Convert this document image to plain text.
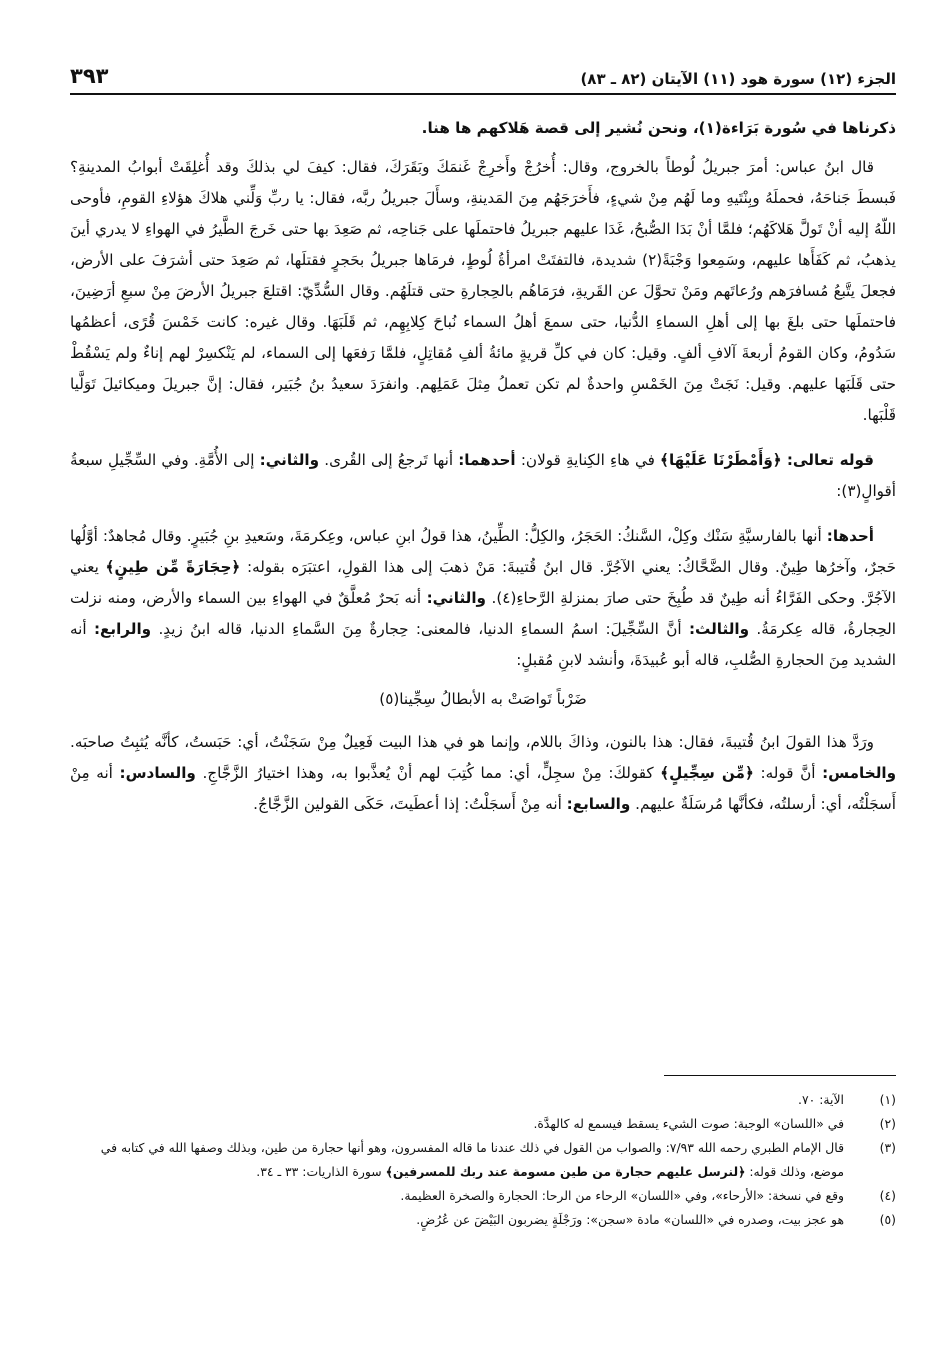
الجزء (١٢) سورة هود (١١) الآيتان (٨٢ ـ ٨٣)
٣٩٣

ذكرناها في سُورة بَرَاءة(١)، ونحن نُشير إلى قصة هَلاكهم ها هنا.

قال ابنُ عباس: أمرَ جبريلُ لُوطاً بالخروج، وقال: أُخرُجْ وأَخرِجْ غَنمَكَ وبَقَرَكَ، فقال: كيفَ لي بذلكَ وقد أُغلِقَتْ أبوابُ المدينةِ؟ فَبسطَ جَناحَهُ، فحملَهُ وبِنْتَيهِ وما لَهُم مِنْ شيءٍ، فأَخرَجَهُم مِنَ المَدينةِ، وسأَلَ جبريلُ ربَّه، فقال: يا ربِّ وَلِّني هلاكَ هؤلاءِ القومِ، فأوحى اللّهُ إليه أنْ تَولَّ هَلاكَهُم؛ فلمَّا أنْ بَدَا الصُّبحُ، غَدَا عليهم جبريلُ فاحتملَها على جَناحِه، ثم صَعِدَ بها حتى خَرجَ الطَّيرُ في الهواءِ لا يدري أينَ يذهبُ، ثم كَفَأَها عليهم، وسَمِعوا وَجْبَةً(٢) شديدة، فالتفتَتْ امرأةُ لُوطٍ، فرمَاها جبريلُ بحَجرٍ فقتلَها، ثم صَعِدَ حتى أشرَفَ على الأرض، فجعلَ يتَّبعُ مُسافرَهم ورُعاتَهم ومَنْ تحوَّلَ عن القَريةِ، فرَمَاهُم بالحِجارةِ حتى قتلَهُم. وقال السُّدِّيّ: اقتلعَ جبريلُ الأرضَ مِنْ سبعِ أرَضِينَ، فاحتملَها حتى بلغَ بها إلى أهلِ السماءِ الدُّنيا، حتى سمعَ أهلُ السماء نُباحَ كِلابِهِم، ثم قَلَبَهَا. وقال غيره: كانت خَمْسَ قُرًى، أعظمُها سَدُومُ، وكان القومُ أربعةَ آلافِ ألفٍ. وقيل: كان في كلِّ قريةٍ مائةُ ألفِ مُقاتِلٍ، فلمَّا رَفعَها إلى السماء، لم يَنْكسِرْ لهم إناءٌ ولم يَسْقُطْ حتى قَلَبَها عليهم. وقيل: نَجَتْ مِنَ الخَمْسِ واحدةٌ لم تكن تعملُ مِثلَ عَمَلِهم. وانفرَدَ سعيدُ بنُ جُبَير، فقال: إنَّ جبريلَ وميكائيلَ تَوَلَّيا قَلْبَها.

قوله تعالى: ﴿وَأَمْطَرْنَا عَلَيْهَا﴾ في هاءِ الكِنايةِ قولان: أحدهما: أنها تَرجعُ إلى القُرى. والثاني: إلى الأُمَّةِ. وفي السِّجِّيلِ سبعةُ أقوالٍ(٣):

أحدها: أنها بالفارسيَّةِ سَنْك وكِلْ، السَّنكُ: الحَجَرُ، والكِلُّ: الطِّينُ، هذا قولُ ابنِ عباس، وعِكرمَةَ، وسَعيدِ بنِ جُبَيرٍ. وقال مُجاهدٌ: أوَّلُها حَجرٌ، وآخرُها طِينٌ. وقال الضَّحَّاكُ: يعني الآجُرَّ. قال ابنُ قُتيبةَ: مَنْ ذهبَ إلى هذا القولِ، اعتبَرَه بقوله: ﴿حِجَارَةً مِّن طِينٍ﴾ يعني الآجُرَّ. وحكى الفَرَّاءُ أنه طِينٌ قد طُبِخَ حتى صارَ بمنزلةِ الرَّحاءِ(٤). والثاني: أنه بَحرٌ مُعلَّقٌ في الهواءِ بين السماء والأرض، ومنه نزلت الحِجارةُ، قاله عِكرمَةُ. والثالث: أنَّ السِّجِّيلَ: اسمُ السماءِ الدنيا، فالمعنى: حِجارةٌ مِنَ السَّماءِ الدنيا، قاله ابنُ زيدٍ. والرابع: أنه الشديد مِنَ الحجارةِ الصُّلبِ، قاله أبو عُبيدَةَ، وأنشد لابنِ مُقبلٍ:

ضَرْباً تَواصَتْ به الأبطالُ سِجِّينا(٥)

ورَدَّ هذا القولَ ابنُ قُتيبةَ، فقال: هذا بالنون، وذاكَ باللام، وإنما هو في هذا البيت فَعِيلٌ مِنْ سَجَنْتُ، أي: حَبَستُ، كأنَّه يُثبِتُ صاحبَه. والخامس: أنَّ قوله: ﴿مِّن سِجِّيلٍ﴾ كقولكَ: مِنْ سجِلٍّ، أي: مما كُتِبَ لهم أنْ يُعذَّبوا به، وهذا اختيارُ الزَّجَّاجِ. والسادس: أنه مِنْ أَسجَلْتُه، أي: أرسلتُه، فكأنَّها مُرسَلَةٌ عليهم. والسابع: أنه مِنْ أَسجَلْتُ: إذا أعطَيتَ، حَكَى القولين الزَّجَّاجُ.

(١)
الآية: ٧٠.
(٢)
في «اللسان» الوجبة: صوت الشيء يسقط فيسمع له كالهدَّة.
(٣)
قال الإمام الطبري رحمه الله ٧/٩٣: والصواب من القول في ذلك عندنا ما قاله المفسرون، وهو أنها حجارة من طين، وبذلك وصفها الله في كتابه في موضع، وذلك قوله: ﴿لنرسل عليهم حجارة من طين مسومة عند ربك للمسرفين﴾ سورة الذاريات: ٣٣ ـ ٣٤.
(٤)
وقع في نسخة: «الأرحاء»، وفي «اللسان» الرحاء من الرحا: الحجارة والصخرة العظيمة.
(٥)
هو عجز بيت، وصدره في «اللسان» مادة «سجن»: ورَجْلَةٍ يضربون البَيْضَ عن عُرُضٍ.
